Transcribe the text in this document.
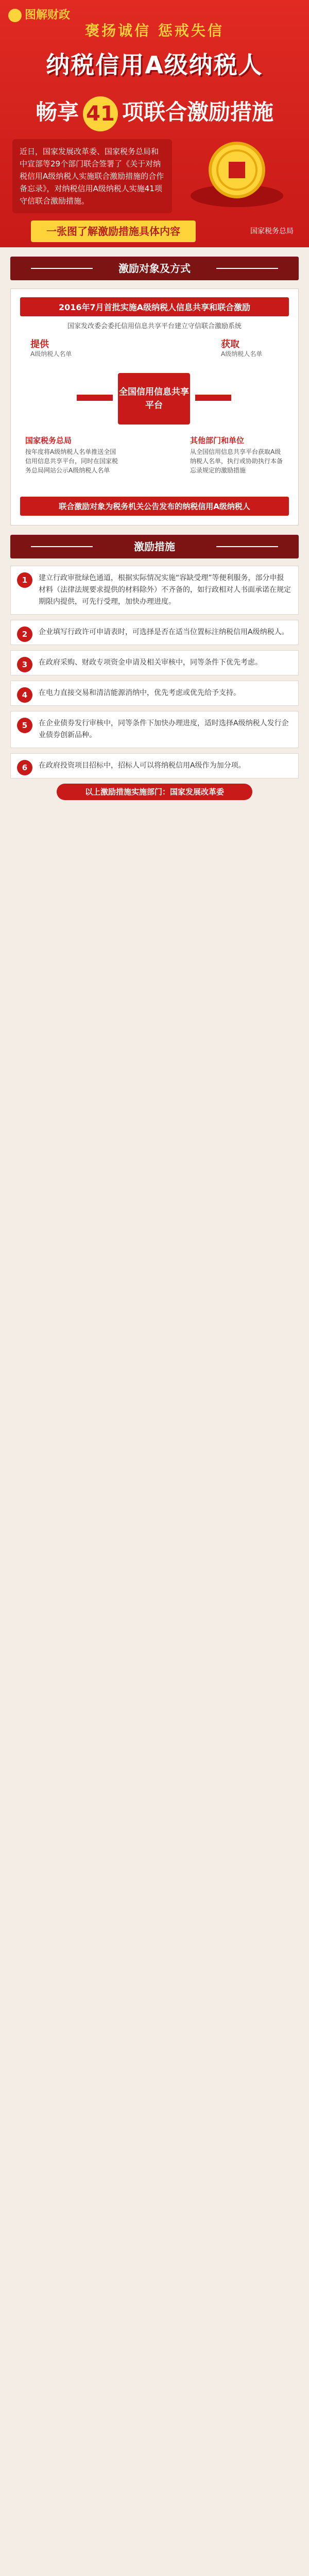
图解财政
褒扬诚信 惩戒失信
纳税信用A级纳税人
畅享 41 项联合激励措施
近日，国家发展改革委、国家税务总局和中宣部等29个部门联合签署了《关于对纳税信用A级纳税人实施联合激励措施的合作备忘录》，对纳税信用A级纳税人实施41项守信联合激励措施。
一张图了解激励措施具体内容	国家税务总局
激励对象及方式
2016年7月首批实施A级纳税人信息共享和联合激励
国家发改委会委托信用信息共享平台建立守信联合激励系统
提供
A级纳税人名单
获取
A级纳税人名单
全国信用信息共享平台
国家税务总局
按年度将A级纳税人名单推送全国信用信息共享平台，同时在国家税务总局网站公示A级纳税人名单
其他部门和单位
从全国信用信息共享平台获取A级纳税人名单，执行或协助执行本备忘录规定的激励措施
联合激励对象为税务机关公告发布的纳税信用A级纳税人
激励措施
1	建立行政审批绿色通道，根据实际情况实施“容缺受理”等便利服务，部分申报材料（法律法规要求提供的材料除外）不齐备的，如行政相对人书面承诺在规定期限内提供，可先行受理，加快办理进度。
2	企业填写行政许可申请表时，可选择是否在适当位置标注纳税信用A级纳税人。
3	在政府采购、财政专项资金申请及相关审核中，同等条件下优先考虑。
4	在电力直接交易和清洁能源消纳中，优先考虑或优先给予支持。
5	在企业债券发行审核中，同等条件下加快办理进度，适时选择A级纳税人发行企业债券创新品种。
6	在政府投资项目招标中，招标人可以将纳税信用A级作为加分项。
以上激励措施实施部门：国家发展改革委
